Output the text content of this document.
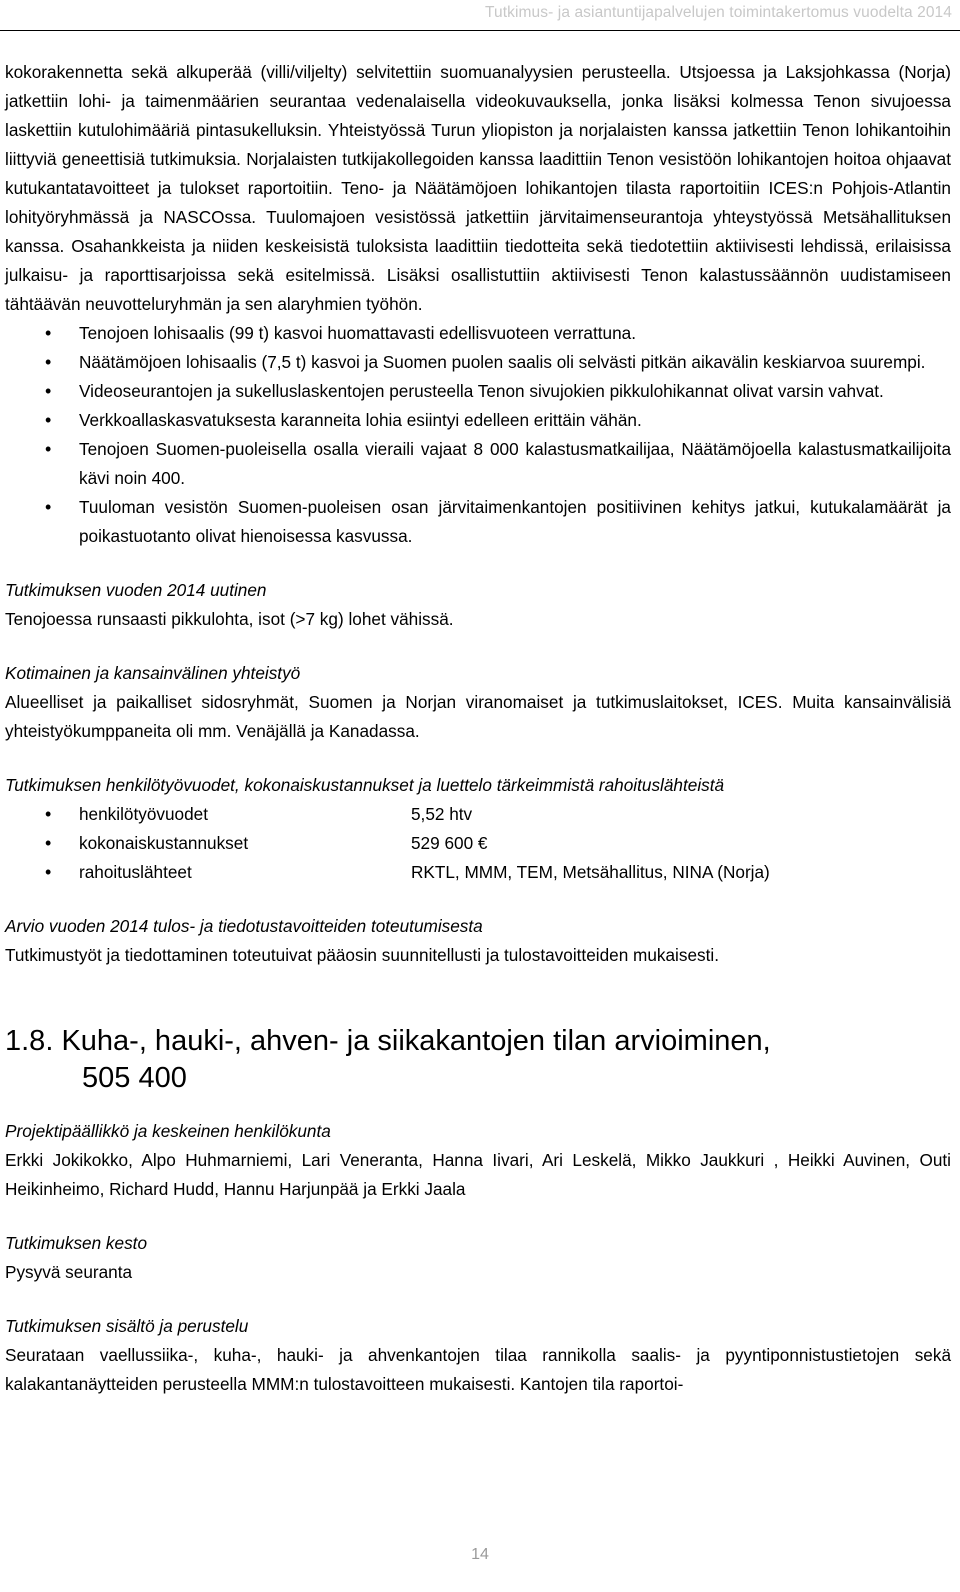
Tutkimus- ja asiantuntijapalvelujen toimintakertomus vuodelta 2014

kokorakennetta sekä alkuperää (villi/viljelty) selvitettiin suomuanalyysien perusteella. Utsjoessa ja Laksjohkassa (Norja) jatkettiin lohi- ja taimenmäärien seurantaa vedenalaisella videokuvauksella, jonka lisäksi kolmessa Tenon sivujoessa laskettiin kutulohimääriä pintasukelluksin. Yhteistyössä Turun yliopiston ja norjalaisten kanssa jatkettiin Tenon lohikantoihin liittyviä geneettisiä tutkimuksia. Norjalaisten tutkijakollegoiden kanssa laadittiin Tenon vesistöön lohikantojen hoitoa ohjaavat kutukantatavoitteet ja tulokset raportoitiin. Teno- ja Näätämöjoen lohikantojen tilasta raportoitiin ICES:n Pohjois-Atlantin lohityöryhmässä ja NASCOssa. Tuulomajoen vesistössä jatkettiin järvitaimenseurantoja yhteystyössä Metsähallituksen kanssa. Osahankkeista ja niiden keskeisistä tuloksista laadittiin tiedotteita sekä tiedotettiin aktiivisesti lehdissä, erilaisissa julkaisu- ja raporttisarjoissa sekä esitelmissä. Lisäksi osallistuttiin aktiivisesti Tenon kalastussäännön uudistamiseen tähtäävän neuvotteluryhmän ja sen alaryhmien työhön.

• Tenojoen lohisaalis (99 t) kasvoi huomattavasti edellisvuoteen verrattuna.
• Näätämöjoen lohisaalis (7,5 t) kasvoi ja Suomen puolen saalis oli selvästi pitkän aikavälin keskiarvoa suurempi.
• Videoseurantojen ja sukelluslaskentojen perusteella Tenon sivujokien pikkulohikannat olivat varsin vahvat.
• Verkkoallaskasvatuksesta karanneita lohia esiintyi edelleen erittäin vähän.
• Tenojoen Suomen-puoleisella osalla vieraili vajaat 8 000 kalastusmatkailijaa, Näätämöjoella kalastusmatkailijoita kävi noin 400.
• Tuuloman vesistön Suomen-puoleisen osan järvitaimenkantojen positiivinen kehitys jatkui, kutukalamäärät ja poikastuotanto olivat hienoisessa kasvussa.

Tutkimuksen vuoden 2014 uutinen

Tenojoessa runsaasti pikkulohta, isot (>7 kg) lohet vähissä.

Kotimainen ja kansainvälinen yhteistyö

Alueelliset ja paikalliset sidosryhmät, Suomen ja Norjan viranomaiset ja tutkimuslaitokset, ICES. Muita kansainvälisiä yhteistyökumppaneita oli mm. Venäjällä ja Kanadassa.

Tutkimuksen henkilötyövuodet, kokonaiskustannukset ja luettelo tärkeimmistä rahoituslähteistä

• henkilötyövuodet	5,52 htv
• kokonaiskustannukset	529 600 €
• rahoituslähteet	RKTL, MMM, TEM, Metsähallitus, NINA (Norja)

Arvio vuoden 2014 tulos- ja tiedotustavoitteiden toteutumisesta

Tutkimustyöt ja tiedottaminen toteutuivat pääosin suunnitellusti ja tulostavoitteiden mukaisesti.

1.8. Kuha-, hauki-, ahven- ja siikakantojen tilan arvioiminen,
505 400

Projektipäällikkö ja keskeinen henkilökunta

Erkki Jokikokko, Alpo Huhmarniemi, Lari Veneranta, Hanna Iivari, Ari Leskelä, Mikko Jaukkuri , Heikki Auvinen, Outi Heikinheimo, Richard Hudd, Hannu Harjunpää ja Erkki Jaala

Tutkimuksen kesto

Pysyvä seuranta

Tutkimuksen sisältö ja perustelu

Seurataan vaellussiika-, kuha-, hauki- ja ahvenkantojen tilaa rannikolla saalis- ja pyyntiponnistustietojen sekä kalakantanäytteiden perusteella MMM:n tulostavoitteen mukaisesti. Kantojen tila raportoi-

14
